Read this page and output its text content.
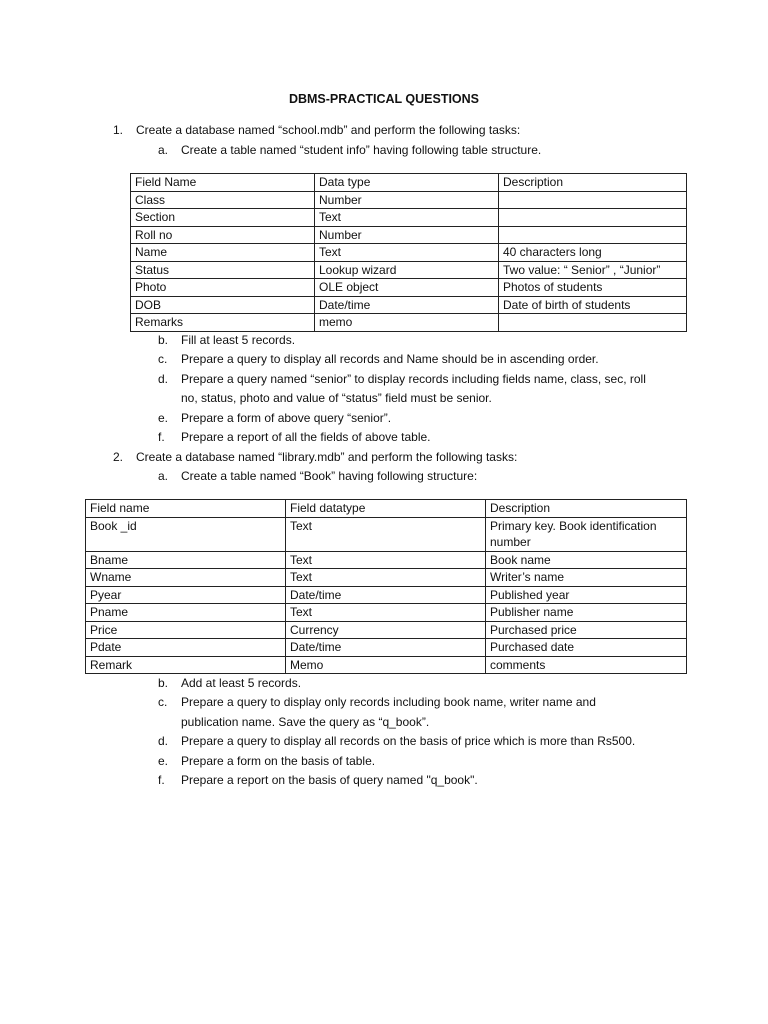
DBMS-PRACTICAL QUESTIONS
1. Create a database named “school.mdb” and perform the following tasks:
a. Create a table named “student info” having following table structure.
Field Name	Data type	Description
Class	Number	
Section	Text	
Roll no	Number	
Name	Text	40 characters long
Status	Lookup wizard	Two value: “ Senior” , “Junior”
Photo	OLE object	Photos of students
DOB	Date/time	Date of birth of students
Remarks	memo	
b. Fill at least 5 records.
c. Prepare a query to display all records and Name should be in ascending order.
d. Prepare a query named “senior” to display records including fields name, class, sec, roll
no, status, photo and value of “status” field must be senior.
e. Prepare a form of above query “senior”.
f. Prepare a report of all the fields of above table.
2. Create a database named “library.mdb” and perform the following tasks:
a. Create a table named “Book” having following structure:
Field name	Field datatype	Description
Book _id	Text	Primary key. Book identification number
Bname	Text	Book name
Wname	Text	Writer’s name
Pyear	Date/time	Published year
Pname	Text	Publisher name
Price	Currency	Purchased price
Pdate	Date/time	Purchased date
Remark	Memo	comments
b. Add at least 5 records.
c. Prepare a query to display only records including book name, writer name and
publication name. Save the query as “q_book”.
d. Prepare a query to display all records on the basis of price which is more than Rs500.
e. Prepare a form on the basis of table.
f. Prepare a report on the basis of query named "q_book".
